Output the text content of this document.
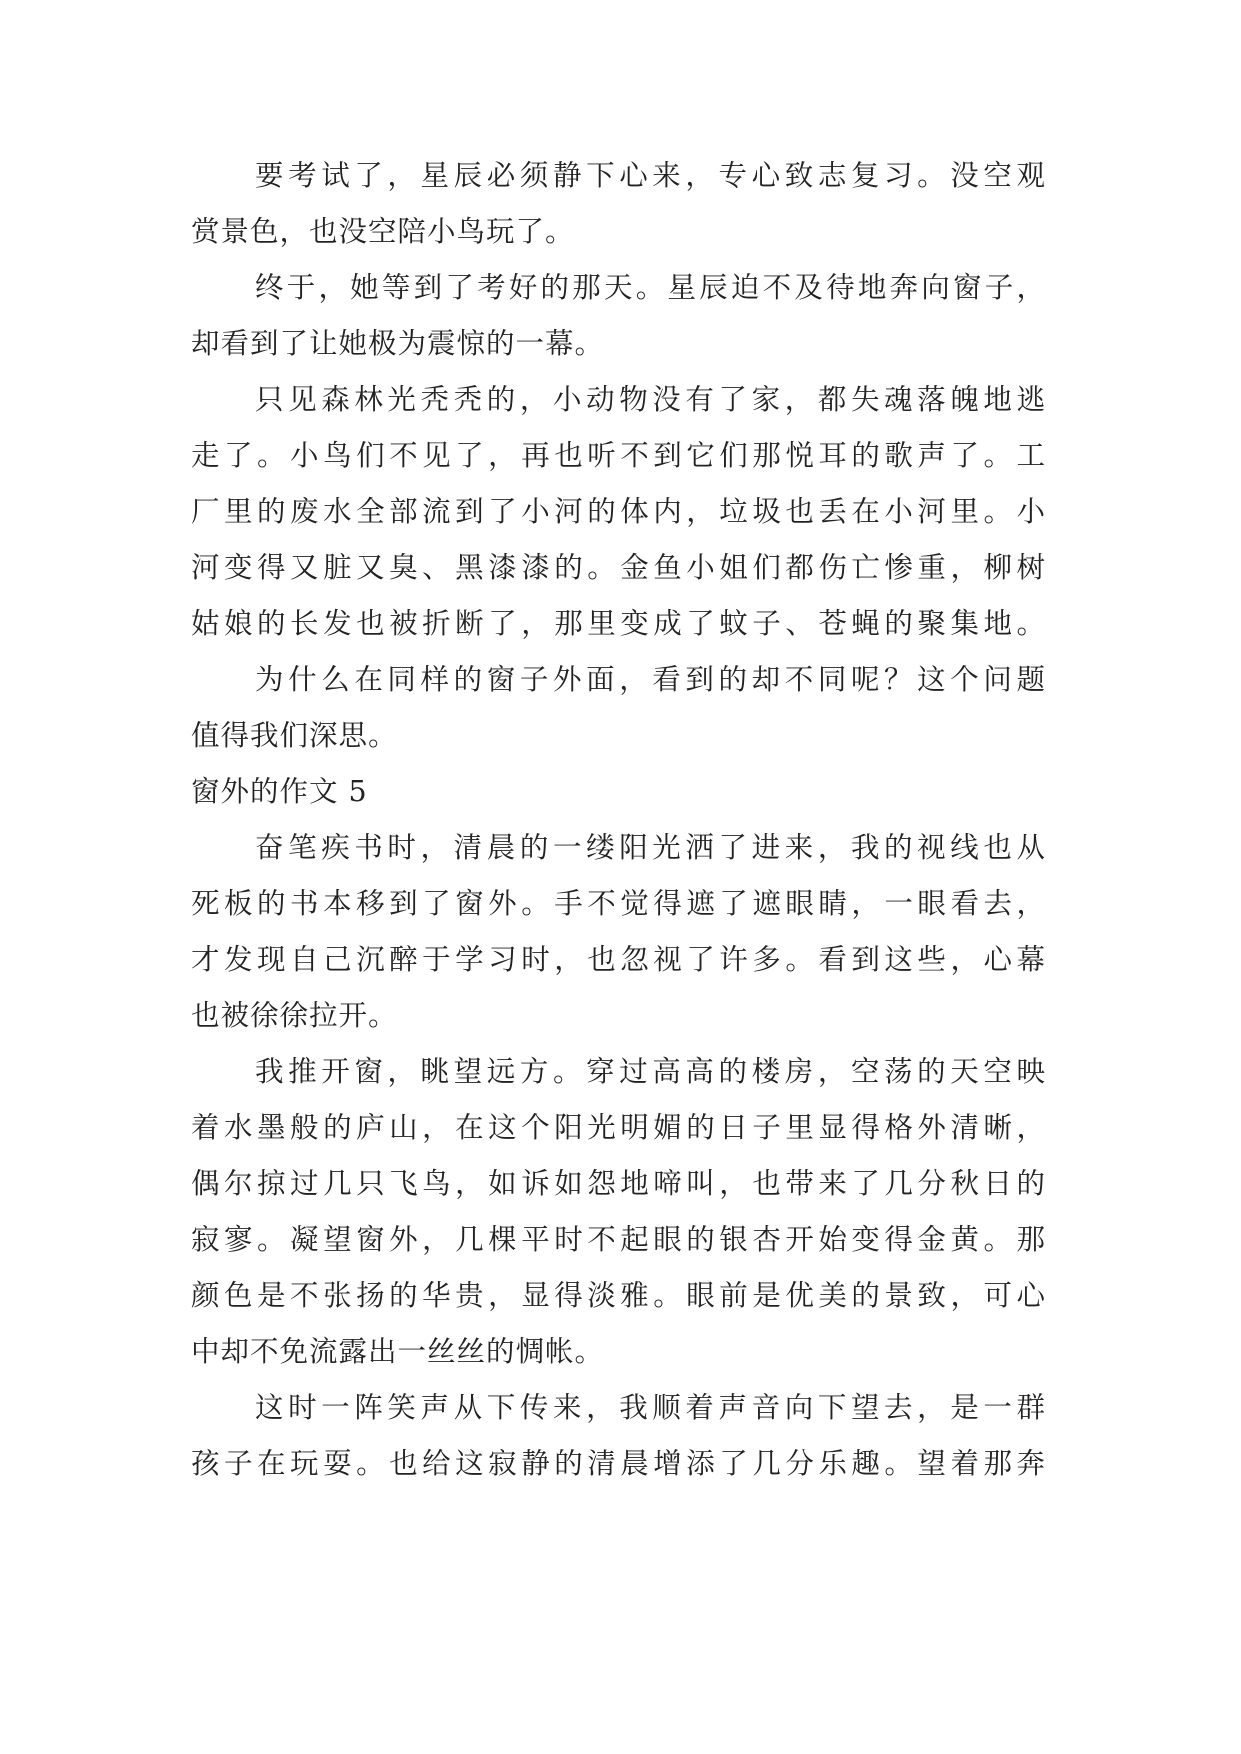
要考试了，星辰必须静下心来，专心致志复习。没空观
赏景色，也没空陪小鸟玩了。
终于，她等到了考好的那天。星辰迫不及待地奔向窗子，
却看到了让她极为震惊的一幕。
只见森林光秃秃的，小动物没有了家，都失魂落魄地逃
走了。小鸟们不见了，再也听不到它们那悦耳的歌声了。工
厂里的废水全部流到了小河的体内，垃圾也丢在小河里。小
河变得又脏又臭、黑漆漆的。金鱼小姐们都伤亡惨重，柳树
姑娘的长发也被折断了，那里变成了蚊子、苍蝇的聚集地。
为什么在同样的窗子外面，看到的却不同呢？这个问题
值得我们深思。
窗外的作文 5
奋笔疾书时，清晨的一缕阳光洒了进来，我的视线也从
死板的书本移到了窗外。手不觉得遮了遮眼睛，一眼看去，
才发现自己沉醉于学习时，也忽视了许多。看到这些，心幕
也被徐徐拉开。
我推开窗，眺望远方。穿过高高的楼房，空荡的天空映
着水墨般的庐山，在这个阳光明媚的日子里显得格外清晰，
偶尔掠过几只飞鸟，如诉如怨地啼叫，也带来了几分秋日的
寂寥。凝望窗外，几棵平时不起眼的银杏开始变得金黄。那
颜色是不张扬的华贵，显得淡雅。眼前是优美的景致，可心
中却不免流露出一丝丝的惆帐。
这时一阵笑声从下传来，我顺着声音向下望去，是一群
孩子在玩耍。也给这寂静的清晨增添了几分乐趣。望着那奔
